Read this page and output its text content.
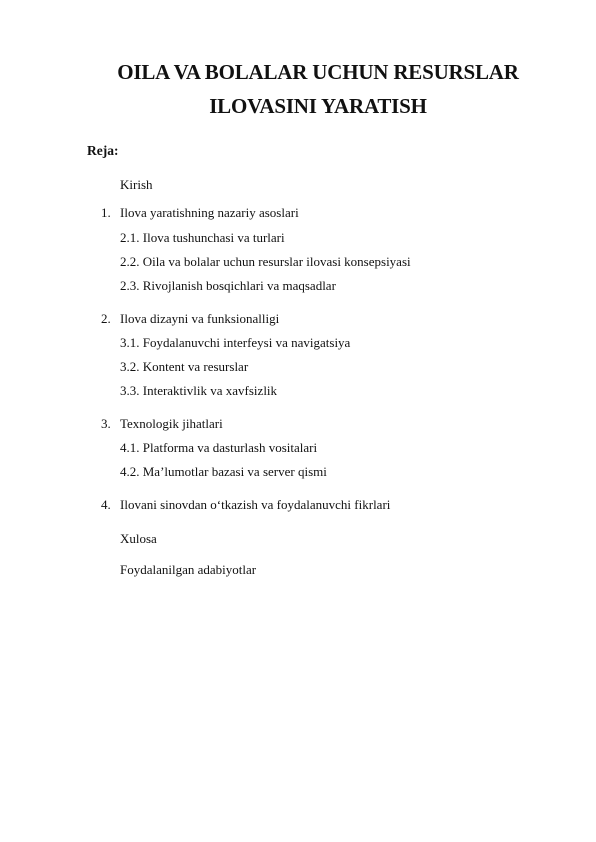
OILA VA BOLALAR UCHUN RESURSLAR
ILOVASINI YARATISH
Reja:
Kirish
1. Ilova yaratishning nazariy asoslari
2.1. Ilova tushunchasi va turlari
2.2. Oila va bolalar uchun resurslar ilovasi konsepsiyasi
2.3. Rivojlanish bosqichlari va maqsadlar
2. Ilova dizayni va funksionalligi
3.1. Foydalanuvchi interfeysi va navigatsiya
3.2. Kontent va resurslar
3.3. Interaktivlik va xavfsizlik
3. Texnologik jihatlari
4.1. Platforma va dasturlash vositalari
4.2. Ma’lumotlar bazasi va server qismi
4. Ilovani sinovdan o‘tkazish va foydalanuvchi fikrlari
Xulosa
Foydalanilgan adabiyotlar
